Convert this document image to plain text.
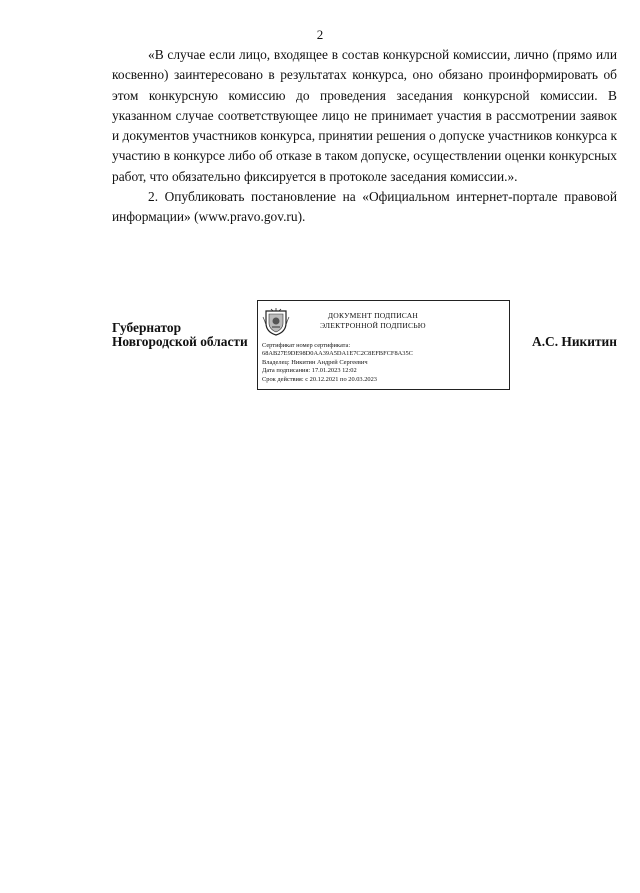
2

«В случае если лицо, входящее в состав конкурсной комиссии, лично (прямо или косвенно) заинтересовано в результатах конкурса, оно обязано проинформировать об этом конкурсную комиссию до проведения заседания конкурсной комиссии. В указанном случае соответствующее лицо не принимает участия в рассмотрении заявок и документов участников конкурса, принятии решения о допуске участников конкурса к участию в конкурсе либо об отказе в таком допуске, осуществлении оценки конкурсных работ, что обязательно фиксируется в протоколе заседания комиссии.».

2. Опубликовать постановление на «Официальном интернет-портале правовой информации» (www.pravo.gov.ru).

Губернатор
Новгородской области
ДОКУМЕНТ ПОДПИСАН
ЭЛЕКТРОННОЙ ПОДПИСЬЮ
Сертификат номер сертификата:
68AB27E9DE98D0AA39A5DA1E7C2C8EFBFCF8A35C
Владелец: Никитин Андрей Сергеевич
Дата подписания: 17.01.2023 12:02
Срок действия: с 20.12.2021 по 20.03.2023
А.С. Никитин
